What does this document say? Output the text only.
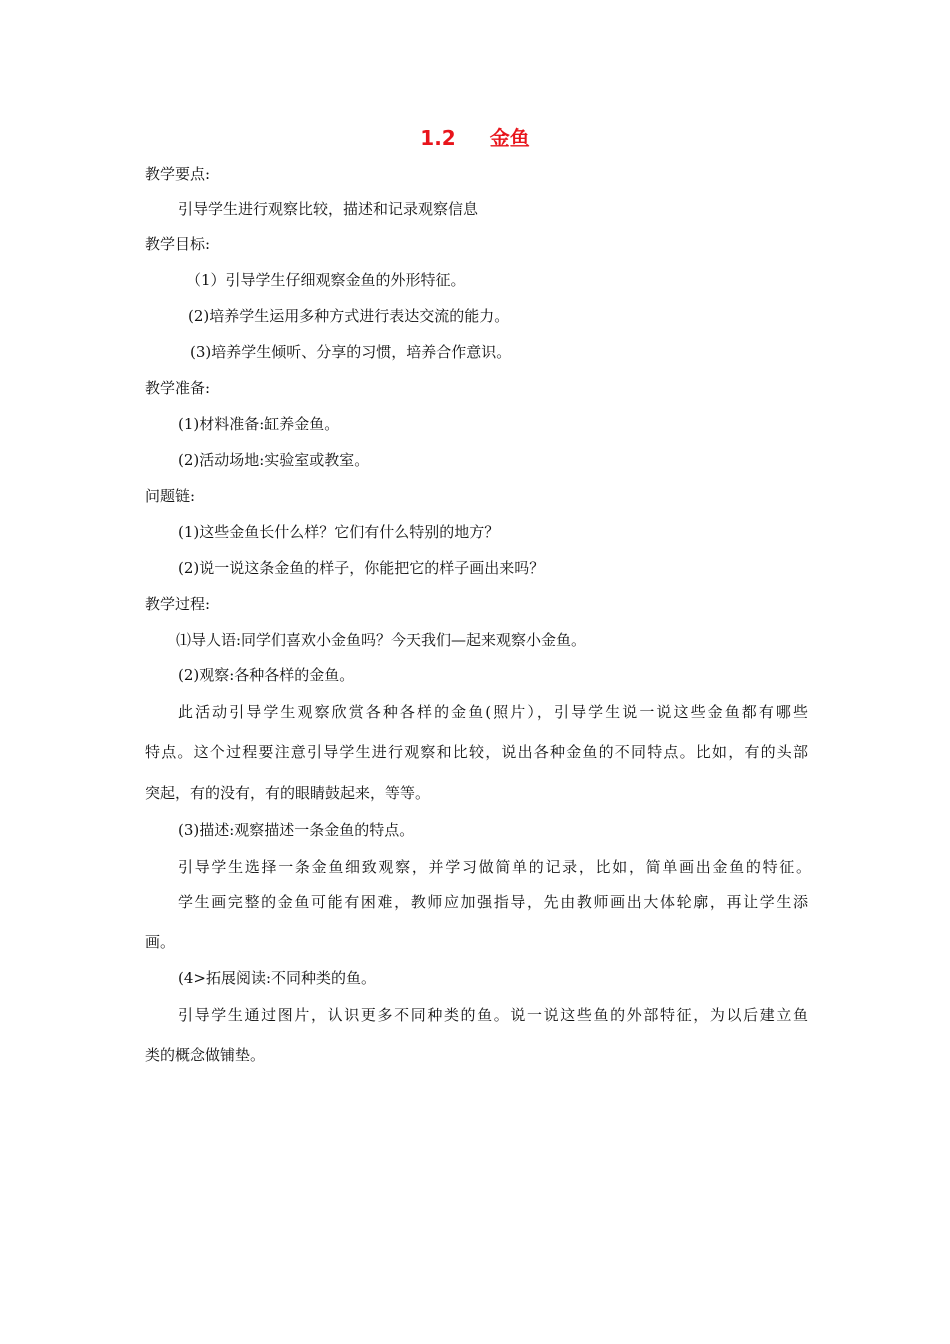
1.2 金鱼
教学要点:
引导学生进行观察比较，描述和记录观察信息
教学目标:
（1）引导学生仔细观察金鱼的外形特征。
(2)培养学生运用多种方式进行表达交流的能力。
(3)培养学生倾听、分享的习惯，培养合作意识。
教学准备:
(1)材料准备:缸养金鱼。
(2)活动场地:实验室或教室。
问题链:
(1)这些金鱼长什么样？它们有什么特别的地方？
(2)说一说这条金鱼的样子，你能把它的样子画出来吗？
教学过程:
⑴导人语:同学们喜欢小金鱼吗？今天我们—起来观察小金鱼。
(2)观察:各种各样的金鱼。
此活动引导学生观察欣赏各种各样的金鱼(照片），引导学生说一说这些金鱼都有哪些
特点。这个过程要注意引导学生进行观察和比较，说出各种金鱼的不同特点。比如，有的头部
突起，有的没有，有的眼睛鼓起来，等等。
(3)描述:观察描述一条金鱼的特点。
引导学生选择一条金鱼细致观察，并学习做简单的记录，比如，简单画出金鱼的特征。
学生画完整的金鱼可能有困难，教师应加强指导，先由教师画出大体轮廓，再让学生添
画。
(4>拓展阅读:不同种类的鱼。
引导学生通过图片，认识更多不同种类的鱼。说一说这些鱼的外部特征，为以后建立鱼
类的概念做铺垫。
